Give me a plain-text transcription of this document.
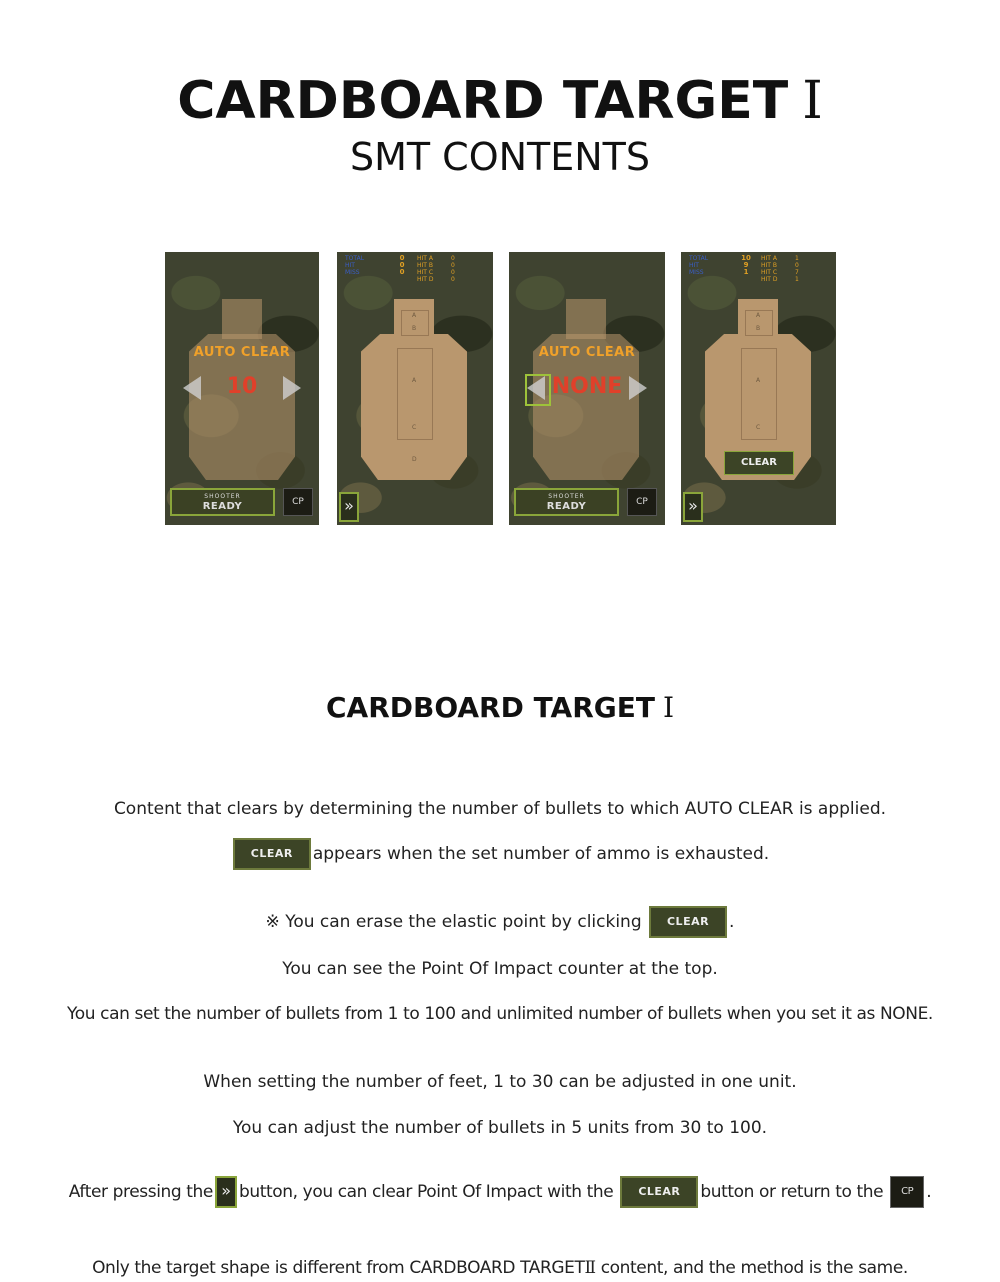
CARDBOARD TARGET Ⅰ
SMT CONTENTS
AUTO CLEAR
10
SHOOTER
READY	CP
TOTAL	0	HIT A	0
HIT	0	HIT B	0
MISS	0	HIT C	0
HIT D	0
A
B
A
C
D
»
AUTO CLEAR
NONE
SHOOTER
READY	CP
TOTAL	10	HIT A	1
HIT	9	HIT B	0
MISS	1	HIT C	7
HIT D	1
A
B
A
C
CLEAR
»
CARDBOARD TARGET Ⅰ
Content that clears by determining the number of bullets to which AUTO CLEAR is applied.
CLEAR appears when the set number of ammo is exhausted.
※ You can erase the elastic point by clicking CLEAR .
You can see the Point Of Impact counter at the top.
You can set the number of bullets from 1 to 100 and unlimited number of bullets when you set it as NONE.
When setting the number of feet, 1 to 30 can be adjusted in one unit.
You can adjust the number of bullets in 5 units from 30 to 100.
After pressing the » button, you can clear Point Of Impact with the CLEAR button or return to the CP .
Only the target shape is different from CARDBOARD TARGETⅡ content, and the method is the same.
